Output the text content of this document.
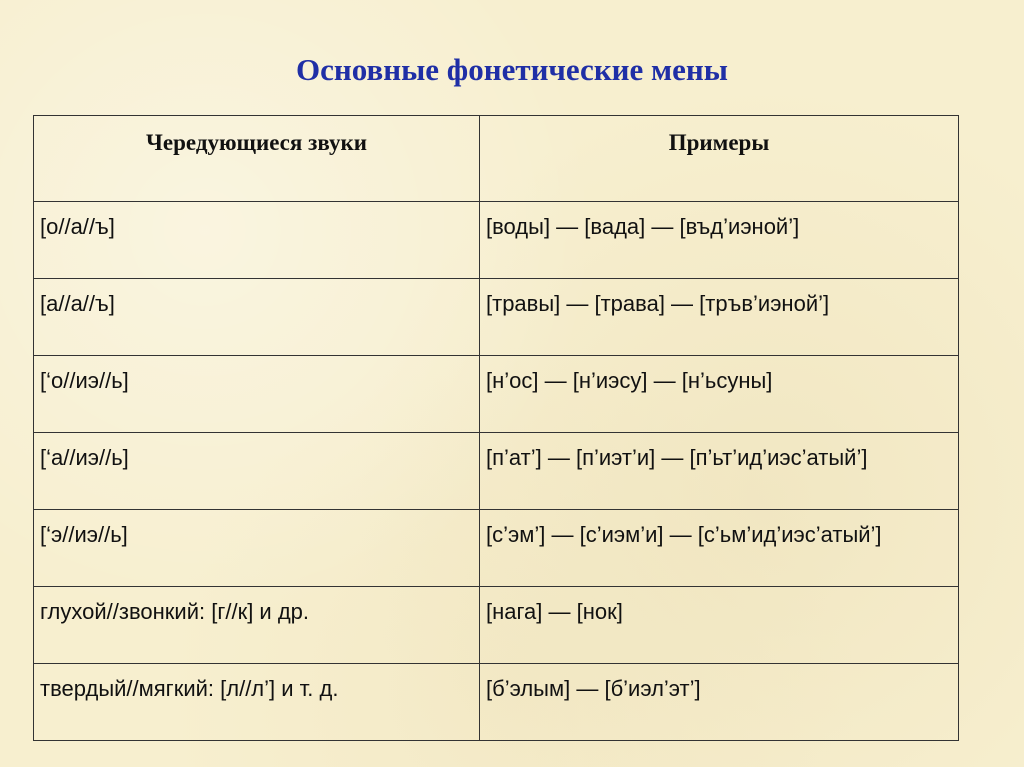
Основные фонетические мены
Чередующиеся звуки	Примеры
[о//а//ъ]	[воды] — [вада] — [въд’иэной’]
[а//а//ъ]	[травы] — [трава] — [тръв’иэной’]
[‘о//иэ//ь]	[н’ос] — [н’иэсу] — [н’ьсуны]
[‘а//иэ//ь]	[п’ат’] — [п’иэт’и] — [п’ьт’ид’иэс’атый’]
[‘э//иэ//ь]	[с’эм’] — [с’иэм’и] — [с’ьм’ид’иэс’атый’]
глухой//звонкий: [г//к] и др.	[нага] — [нок]
твердый//мягкий: [л//л’] и т. д.	[б’элым] — [б’иэл’эт’]
